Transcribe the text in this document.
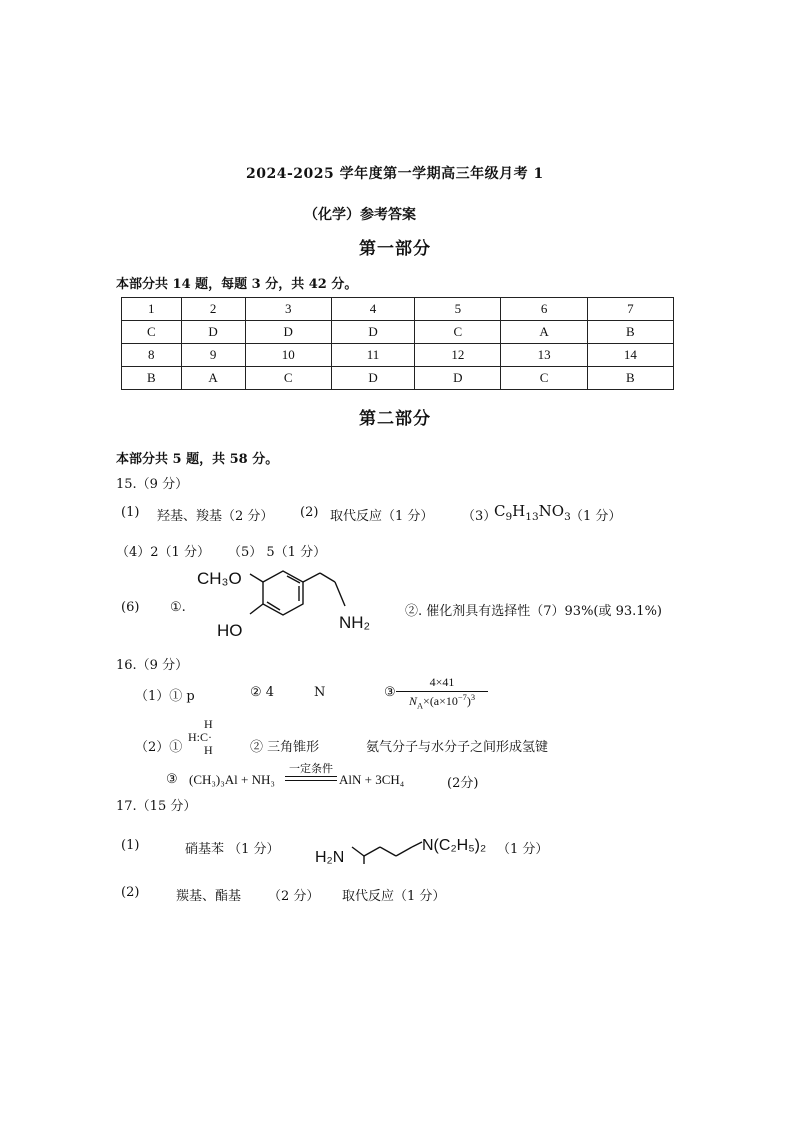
2024-2025 学年度第一学期高三年级月考 1
（化学）参考答案
第一部分
本部分共 14 题，每题 3 分，共 42 分。
1	2	3	4	5	6	7
C	D	D	D	C	A	B
8	9	10	11	12	13	14
B	A	C	D	D	C	B
第二部分
本部分共 5 题，共 58 分。
15.（9 分）
(1) 羟基、羧基（2 分） (2) 取代反应（1 分） （3）
$C_9H_{13}NO_3$ （1 分）
（4）2（1 分） （5） 5（1 分）
(6) ①.
CH₃O
HO	NH₂
②. 催化剂具有选择性（7）93%(或 93.1%)
16.（9 分）
（1）① p	② 4	N	③ $\frac{4\times 41}{N_A\times(a\times 10^{-7})^3}$
（2）①
H
H:C·
H	② 三角锥形	氨气分子与水分子之间形成氢键
③ (CH₃)₃Al + NH₃
一定条件
AlN + 3CH₄	(2分)
17.（15 分）
(1)	硝基苯 （1 分） H₂N
N(C₂H₅)₂ （1 分）
(2)	羰基、酯基 （2 分） 取代反应（1 分）
